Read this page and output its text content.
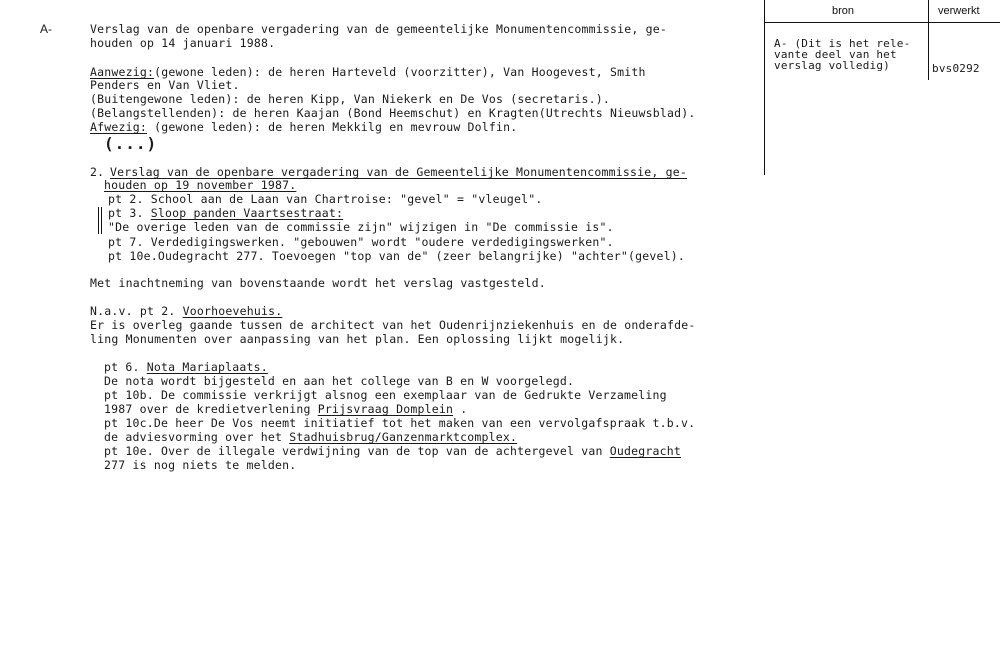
bron	verwerkt
A- (Dit is het rele-
vante deel van het
verslag volledig)	bvs0292
A-	Verslag van de openbare vergadering van de gemeentelijke Monumentencommissie, ge-
houden op 14 januari 1988.
Aanwezig:(gewone leden): de heren Harteveld (voorzitter), Van Hoogevest, Smith
Penders en Van Vliet.
(Buitengewone leden): de heren Kipp, Van Niekerk en De Vos (secretaris.).
(Belangstellenden): de heren Kaajan (Bond Heemschut) en Kragten(Utrechts Nieuwsblad).
Afwezig: (gewone leden): de heren Mekkilg en mevrouw Dolfin.
(...)
2. Verslag van de openbare vergadering van de Gemeentelijke Monumentencommissie, ge-
houden op 19 november 1987.
pt 2. School aan de Laan van Chartroise: "gevel" = "vleugel".
pt 3. Sloop panden Vaartsestraat:
"De overige leden van de commissie zijn" wijzigen in "De commissie is".
pt 7. Verdedigingswerken. "gebouwen" wordt "oudere verdedigingswerken".
pt 10e.Oudegracht 277. Toevoegen "top van de" (zeer belangrijke) "achter"(gevel).
Met inachtneming van bovenstaande wordt het verslag vastgesteld.
N.a.v. pt 2. Voorhoevehuis.
Er is overleg gaande tussen de architect van het Oudenrijnziekenhuis en de onderafde-
ling Monumenten over aanpassing van het plan. Een oplossing lijkt mogelijk.
pt 6. Nota Mariaplaats.
De nota wordt bijgesteld en aan het college van B en W voorgelegd.
pt 10b. De commissie verkrijgt alsnog een exemplaar van de Gedrukte Verzameling
1987 over de kredietverlening Prijsvraag Domplein .
pt 10c.De heer De Vos neemt initiatief tot het maken van een vervolgafspraak t.b.v.
de adviesvorming over het Stadhuisbrug/Ganzenmarktcomplex.
pt 10e. Over de illegale verdwijning van de top van de achtergevel van Oudegracht
277 is nog niets te melden.
